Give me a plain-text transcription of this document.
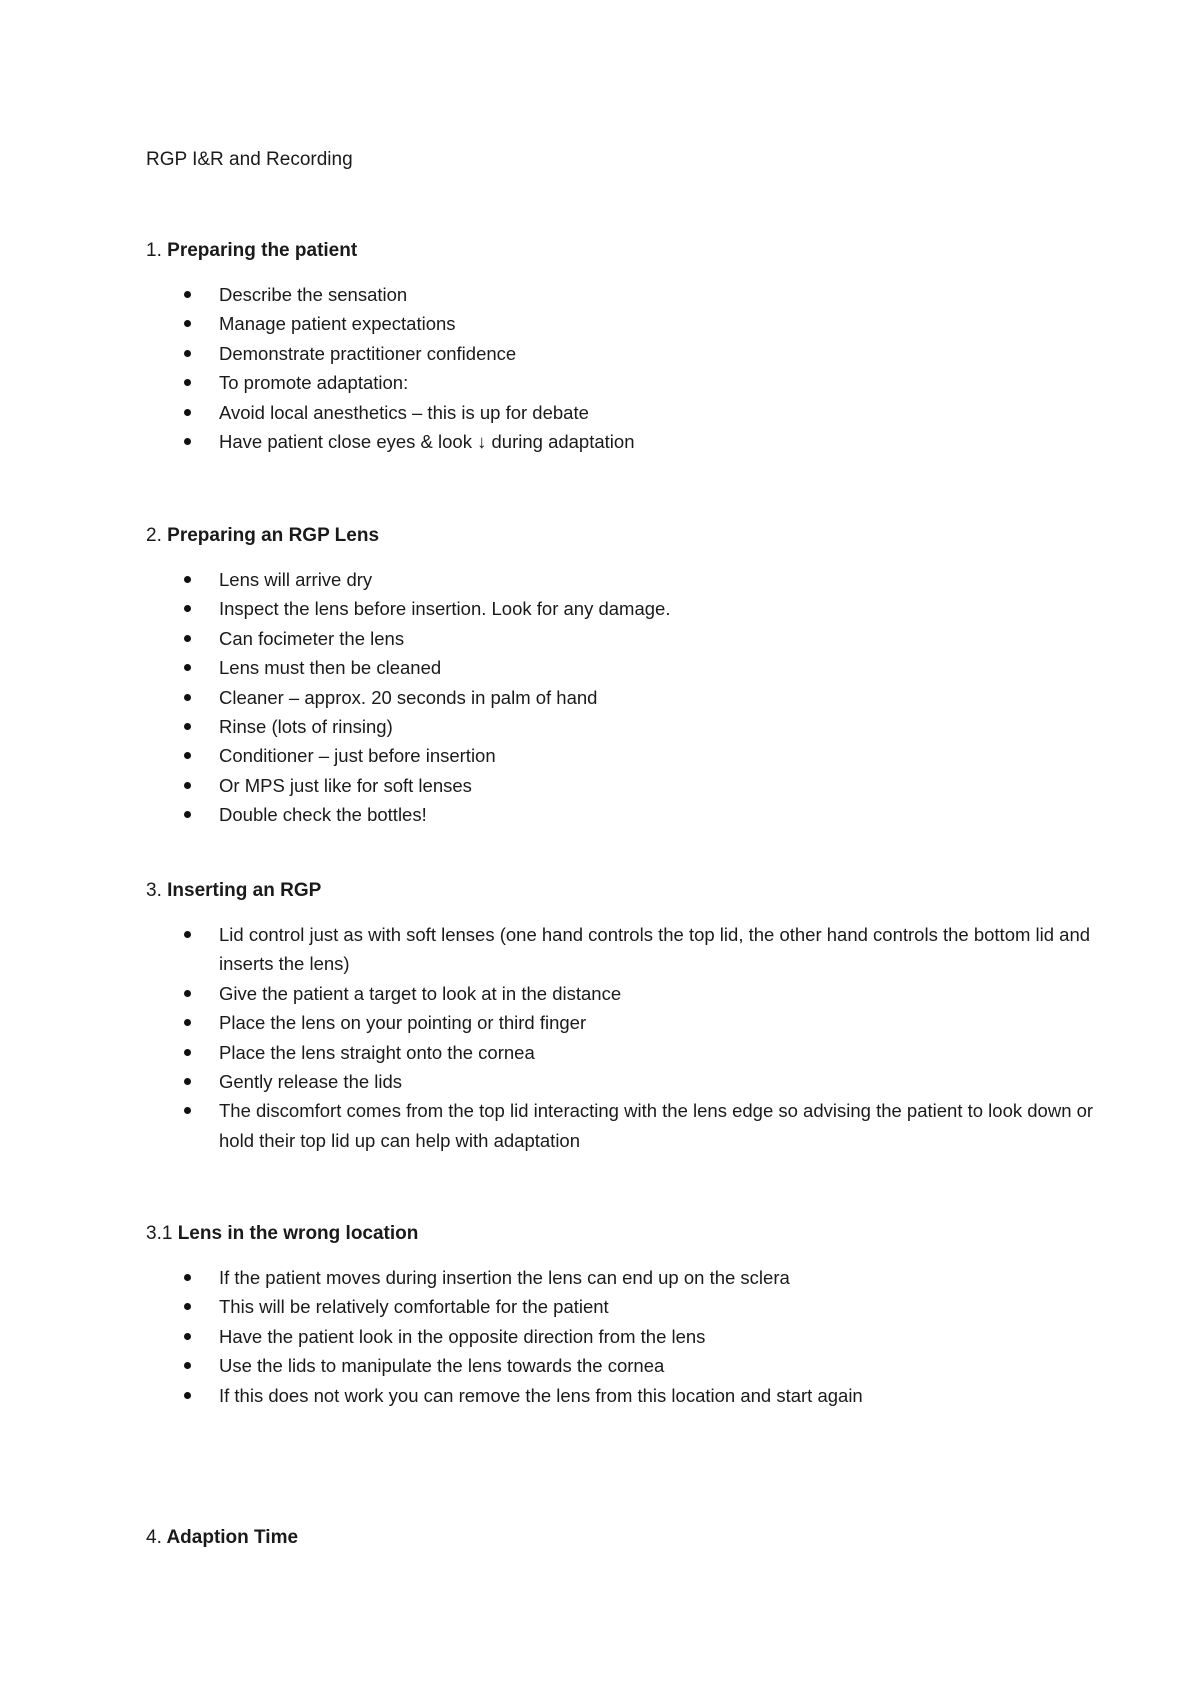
RGP I&R and Recording
1. Preparing the patient
Describe the sensation
Manage patient expectations
Demonstrate practitioner confidence
To promote adaptation:
Avoid local anesthetics – this is up for debate
Have patient close eyes & look ↓ during adaptation
2. Preparing an RGP Lens
Lens will arrive dry
Inspect the lens before insertion. Look for any damage.
Can focimeter the lens
Lens must then be cleaned
Cleaner – approx. 20 seconds in palm of hand
Rinse (lots of rinsing)
Conditioner – just before insertion
Or MPS just like for soft lenses
Double check the bottles!
3. Inserting an RGP
Lid control just as with soft lenses (one hand controls the top lid, the other hand controls the bottom lid and inserts the lens)
Give the patient a target to look at in the distance
Place the lens on your pointing or third finger
Place the lens straight onto the cornea
Gently release the lids
The discomfort comes from the top lid interacting with the lens edge so advising the patient to look down or hold their top lid up can help with adaptation
3.1 Lens in the wrong location
If the patient moves during insertion the lens can end up on the sclera
This will be relatively comfortable for the patient
Have the patient look in the opposite direction from the lens
Use the lids to manipulate the lens towards the cornea
If this does not work you can remove the lens from this location and start again
4. Adaption Time
